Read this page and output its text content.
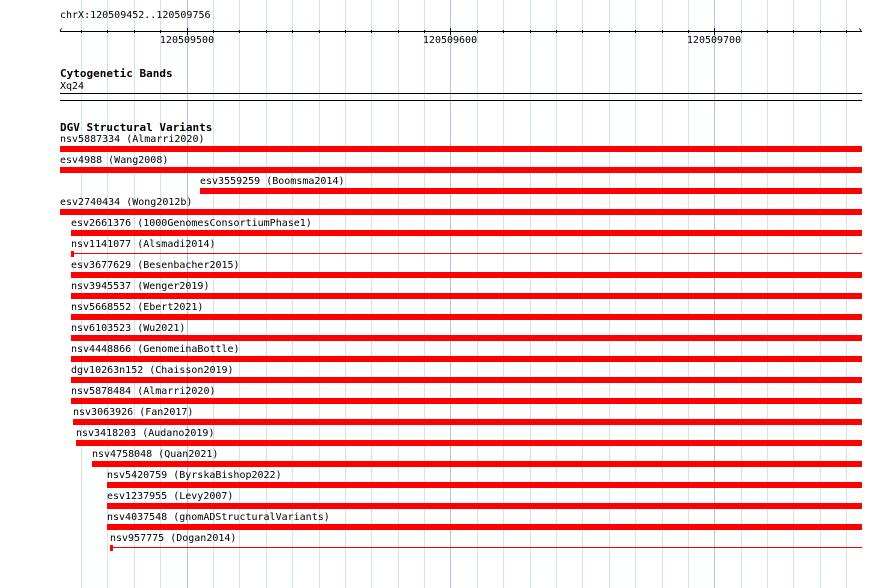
chrX:120509452..120509756
‹	›
120509500	120509600	120509700
Cytogenetic Bands
Xq24
DGV Structural Variants
nsv5887334 (Almarri2020)
esv4988 (Wang2008)
esv3559259 (Boomsma2014)
esv2740434 (Wong2012b)
esv2661376 (1000GenomesConsortiumPhase1)
nsv1141077 (Alsmadi2014)
esv3677629 (Besenbacher2015)
nsv3945537 (Wenger2019)
nsv5668552 (Ebert2021)
nsv6103523 (Wu2021)
nsv4448866 (GenomeinaBottle)
dgv10263n152 (Chaisson2019)
nsv5878484 (Almarri2020)
nsv3063926 (Fan2017)
nsv3418203 (Audano2019)
nsv4758048 (Quan2021)
nsv5420759 (ByrskaBishop2022)
esv1237955 (Levy2007)
nsv4037548 (gnomADStructuralVariants)
nsv957775 (Dogan2014)
